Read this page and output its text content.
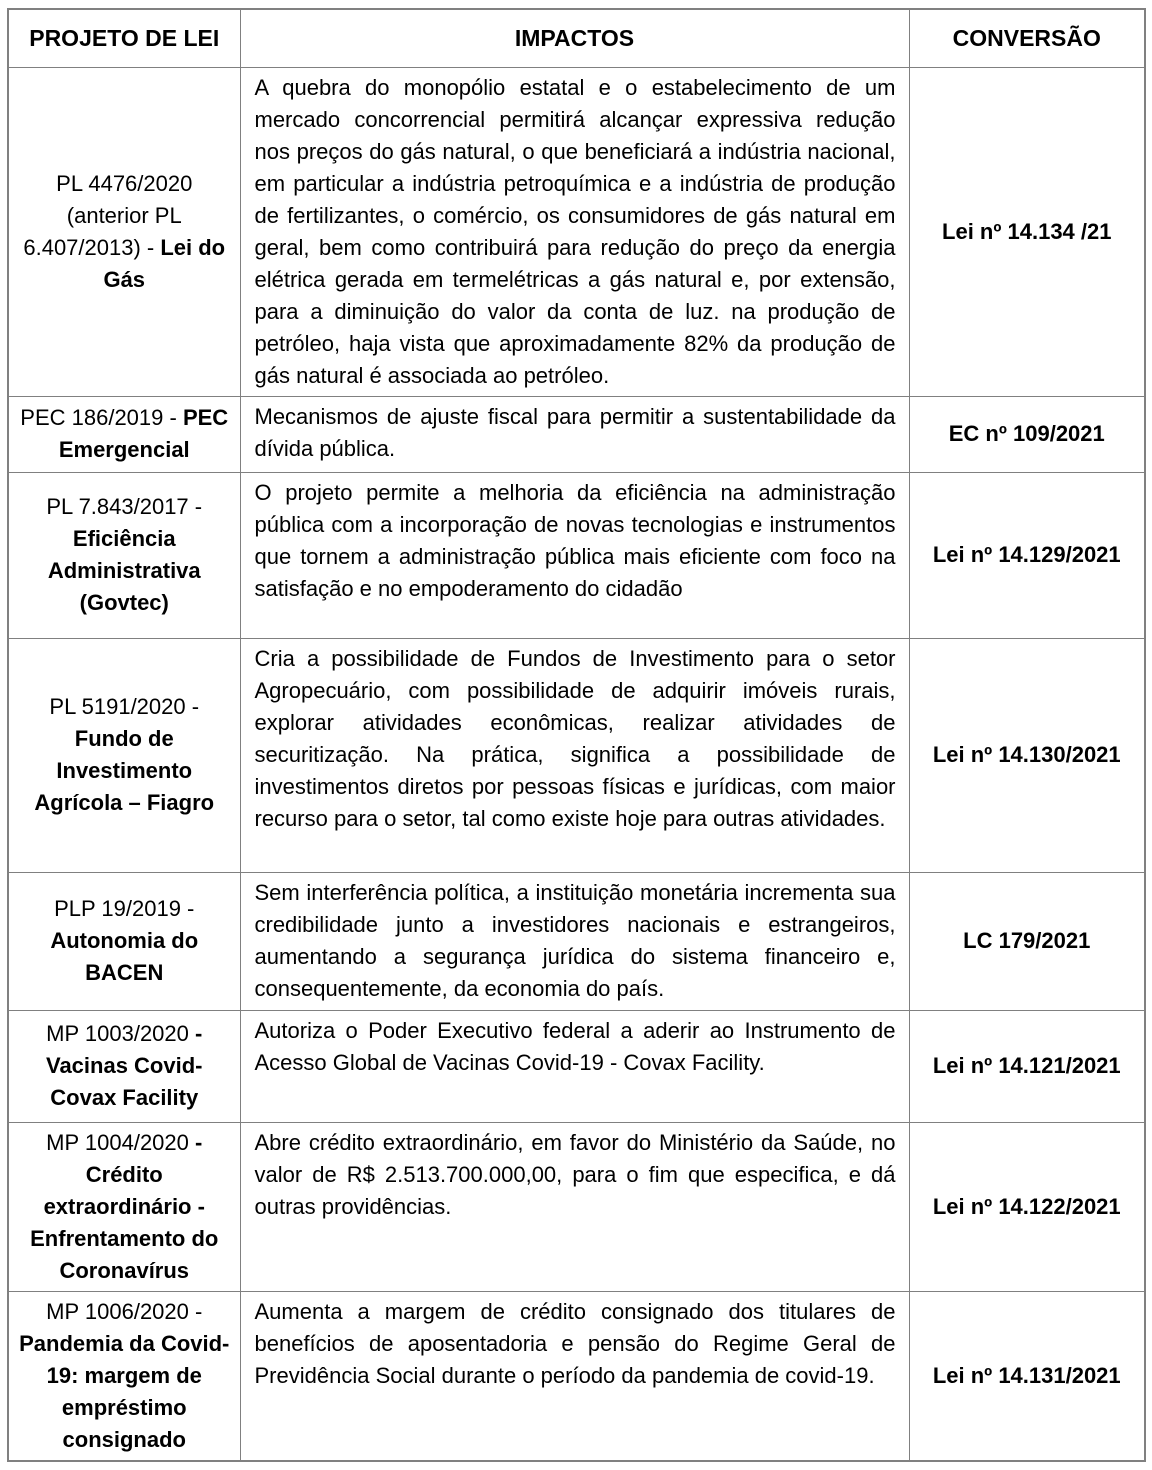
PROJETO DE LEI	IMPACTOS	CONVERSÃO
PL 4476/2020 (anterior PL 6.407/2013) - Lei do Gás	A quebra do monopólio estatal e o estabelecimento de um mercado concorrencial permitirá alcançar expressiva redução nos preços do gás natural, o que beneficiará a indústria nacional, em particular a indústria petroquímica e a indústria de produção de fertilizantes, o comércio, os consumidores de gás natural em geral, bem como contribuirá para redução do preço da energia elétrica gerada em termelétricas a gás natural e, por extensão, para a diminuição do valor da conta de luz. na produção de petróleo, haja vista que aproximadamente 82% da produção de gás natural é associada ao petróleo.	Lei nº 14.134 /21
PEC 186/2019 - PEC Emergencial	Mecanismos de ajuste fiscal para permitir a sustentabilidade da dívida pública.	EC nº 109/2021
PL 7.843/2017 - Eficiência Administrativa (Govtec)	O projeto permite a melhoria da eficiência na administração pública com a incorporação de novas tecnologias e instrumentos que tornem a administração pública mais eficiente com foco na satisfação e no empoderamento do cidadão	Lei nº 14.129/2021
PL 5191/2020 - Fundo de Investimento Agrícola – Fiagro	Cria a possibilidade de Fundos de Investimento para o setor Agropecuário, com possibilidade de adquirir imóveis rurais, explorar atividades econômicas, realizar atividades de securitização. Na prática, significa a possibilidade de investimentos diretos por pessoas físicas e jurídicas, com maior recurso para o setor, tal como existe hoje para outras atividades.	Lei nº 14.130/2021
PLP 19/2019 - Autonomia do BACEN	Sem interferência política, a instituição monetária incrementa sua credibilidade junto a investidores nacionais e estrangeiros, aumentando a segurança jurídica do sistema financeiro e, consequentemente, da economia do país.	LC 179/2021
MP 1003/2020 -Vacinas Covid- Covax Facility	Autoriza o Poder Executivo federal a aderir ao Instrumento de Acesso Global de Vacinas Covid-19 - Covax Facility.	Lei nº 14.121/2021
MP 1004/2020 -Crédito extraordinário - Enfrentamento do Coronavírus	Abre crédito extraordinário, em favor do Ministério da Saúde, no valor de R$ 2.513.700.000,00, para o fim que especifica, e dá outras providências.	Lei nº 14.122/2021
MP 1006/2020 - Pandemia da Covid-19: margem de empréstimo consignado	Aumenta a margem de crédito consignado dos titulares de benefícios de aposentadoria e pensão do Regime Geral de Previdência Social durante o período da pandemia de covid-19.	Lei nº 14.131/2021
